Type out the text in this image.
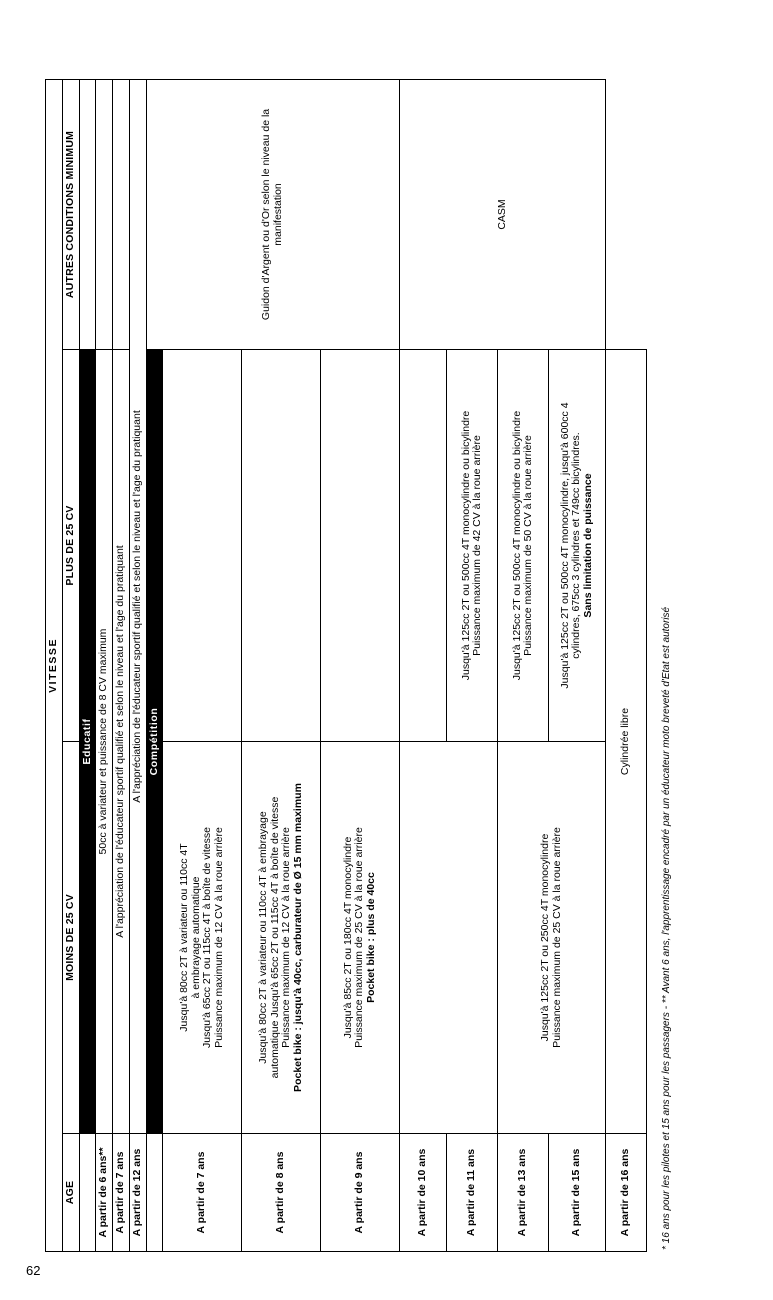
VITESSE			
AGE	MOINS DE 25 CV	PLUS DE 25 CV	AUTRES CONDITIONS MINIMUM
	Educatif		
A partir de 6 ans**	50cc à variateur et puissance de 8 CV maximum		
A partir de 7 ans	A l'appréciation de l'éducateur sportif qualifié et selon le niveau et l'age du pratiquant		
A partir de 12 ans	A l'appréciation de l'éducateur sportif qualifié et selon le niveau et l'age du pratiquant		
	Compétition		Guidon d'Argent ou d'Or selon le niveau de la manifestation
A partir de 7 ans	Jusqu'à 80cc 2T à variateur ou 110cc 4T
à embrayage automatique
Jusqu'à 65cc 2T ou 115cc 4T à boîte de vitesse
Puissance maximum de 12 CV à la roue arrière		
A partir de 8 ans	Jusqu'à 80cc 2T à variateur ou 110cc 4T à embrayage
automatique Jusqu'à 65cc 2T ou 115cc 4T à boîte de vitesse
Puissance maximum de 12 CV à la roue arrière
Pocket bike : jusqu'à 40cc, carburateur de Ø 15 mm maximum		
A partir de 9 ans	Jusqu'à 85cc 2T ou 180cc 4T monocylindre
Puissance maximum de 25 CV à la roue arrière
Pocket bike : plus de 40cc		
A partir de 10 ans			CASM
A partir de 11 ans		Jusqu'à 125cc 2T ou 500cc 4T monocylindre ou bicylindre
Puissance maximum de 42 CV à la roue arrière	
A partir de 13 ans	Jusqu'à 125cc 2T ou 250cc 4T monocylindre
Puissance maximum de 25 CV à la roue arrière	Jusqu'à 125cc 2T ou 500cc 4T monocylindre ou bicylindre
Puissance maximum de 50 CV à la roue arrière	
A partir de 15 ans		Jusqu'à 125cc 2T ou 500cc 4T monocylindre, jusqu'à 600cc 4
cylindres, 675cc 3 cylindres et 749cc bicylindres.
Sans limitation de puissance	
A partir de 16 ans	Cylindrée libre			* 16 ans pour les pilotes et 15 ans pour les passagers - ** Avant 6 ans, l'apprentissage encadré par un éducateur moto breveté d'Etat est autorisé
62
